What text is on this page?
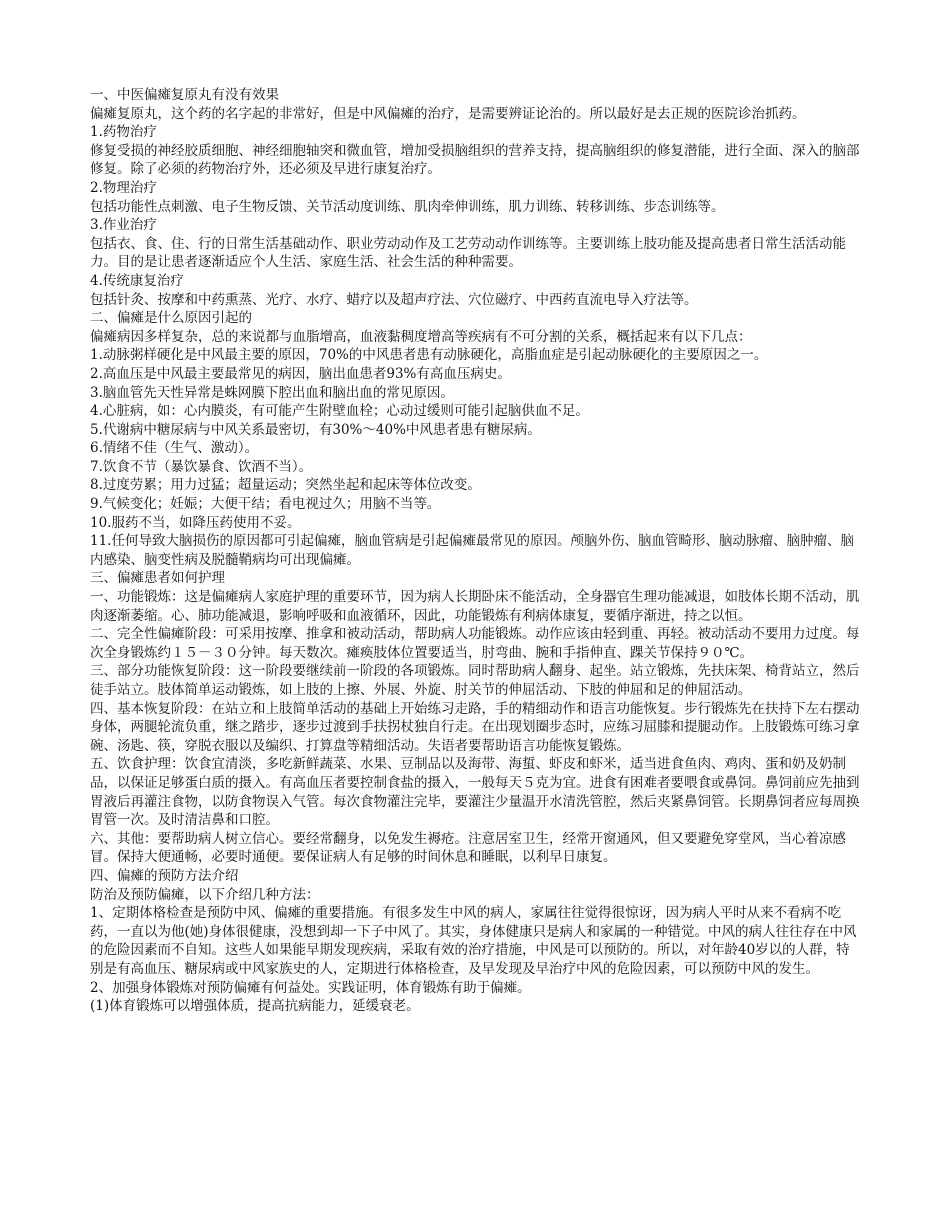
一、中医偏瘫复原丸有没有效果

偏瘫复原丸，这个药的名字起的非常好，但是中风偏瘫的治疗，是需要辨证论治的。所以最好是去正规的医院诊治抓药。

1.药物治疗

修复受损的神经胶质细胞、神经细胞轴突和微血管，增加受损脑组织的营养支持，提高脑组织的修复潜能，进行全面、深入的脑部修复。除了必须的药物治疗外，还必须及早进行康复治疗。

2.物理治疗

包括功能性点刺激、电子生物反馈、关节活动度训练、肌肉牵伸训练，肌力训练、转移训练、步态训练等。

3.作业治疗

包括衣、食、住、行的日常生活基础动作、职业劳动动作及工艺劳动动作训练等。主要训练上肢功能及提高患者日常生活活动能力。目的是让患者逐渐适应个人生活、家庭生活、社会生活的种种需要。

4.传统康复治疗

包括针灸、按摩和中药熏蒸、光疗、水疗、蜡疗以及超声疗法、穴位磁疗、中西药直流电导入疗法等。

二、偏瘫是什么原因引起的

偏瘫病因多样复杂，总的来说都与血脂增高，血液黏稠度增高等疾病有不可分割的关系，概括起来有以下几点：

1.动脉粥样硬化是中风最主要的原因，70%的中风患者患有动脉硬化，高脂血症是引起动脉硬化的主要原因之一。

2.高血压是中风最主要最常见的病因，脑出血患者93%有高血压病史。

3.脑血管先天性异常是蛛网膜下腔出血和脑出血的常见原因。

4.心脏病，如：心内膜炎，有可能产生附壁血栓；心动过缓则可能引起脑供血不足。

5.代谢病中糖尿病与中风关系最密切，有30%～40%中风患者患有糖尿病。

6.情绪不佳（生气、激动）。

7.饮食不节（暴饮暴食、饮酒不当）。

8.过度劳累；用力过猛；超量运动；突然坐起和起床等体位改变。

9.气候变化；妊娠；大便干结；看电视过久；用脑不当等。

10.服药不当，如降压药使用不妥。

11.任何导致大脑损伤的原因都可引起偏瘫，脑血管病是引起偏瘫最常见的原因。颅脑外伤、脑血管畸形、脑动脉瘤、脑肿瘤、脑内感染、脑变性病及脱髓鞘病均可出现偏瘫。

三、偏瘫患者如何护理

一、功能锻炼：这是偏瘫病人家庭护理的重要环节，因为病人长期卧床不能活动，全身器官生理功能减退，如肢体长期不活动，肌肉逐渐萎缩。心、肺功能减退，影响呼吸和血液循环，因此，功能锻炼有利病体康复，要循序渐进，持之以恒。

二、完全性偏瘫阶段：可采用按摩、推拿和被动活动，帮助病人功能锻炼。动作应该由轻到重、再轻。被动活动不要用力过度。每次全身锻炼约１５－３０分钟。每天数次。瘫痪肢体位置要适当，肘弯曲、腕和手指伸直、踝关节保持９０℃。

三、部分功能恢复阶段：这一阶段要继续前一阶段的各项锻炼。同时帮助病人翻身、起坐。站立锻炼，先扶床架、椅背站立，然后徒手站立。肢体简单运动锻炼，如上肢的上擦、外展、外旋、肘关节的伸屈活动、下肢的伸屈和足的伸屈活动。

四、基本恢复阶段：在站立和上肢简单活动的基础上开始练习走路，手的精细动作和语言功能恢复。步行锻炼先在扶持下左右摆动身体，两腿轮流负重，继之踏步，逐步过渡到手扶拐杖独自行走。在出现划圈步态时，应练习屈膝和提腿动作。上肢锻炼可练习拿碗、汤匙、筷，穿脱衣服以及编织、打算盘等精细活动。失语者要帮助语言功能恢复锻炼。

五、饮食护理：饮食宜清淡，多吃新鲜蔬菜、水果、豆制品以及海带、海蜇、虾皮和虾米，适当进食鱼肉、鸡肉、蛋和奶及奶制品，以保证足够蛋白质的摄入。有高血压者要控制食盐的摄入，一般每天５克为宜。进食有困难者要喂食或鼻饲。鼻饲前应先抽到胃液后再灌注食物，以防食物误入气管。每次食物灌注完毕，要灌注少量温开水清洗管腔，然后夹紧鼻饲管。长期鼻饲者应每周换胃管一次。及时清洁鼻和口腔。

六、其他：要帮助病人树立信心。要经常翻身，以免发生褥疮。注意居室卫生，经常开窗通风，但又要避免穿堂风，当心着凉感冒。保持大便通畅，必要时通便。要保证病人有足够的时间休息和睡眠，以利早日康复。

四、偏瘫的预防方法介绍

防治及预防偏瘫，以下介绍几种方法：

1、定期体格检查是预防中风、偏瘫的重要措施。有很多发生中风的病人，家属往往觉得很惊讶，因为病人平时从来不看病不吃药，一直以为他(她)身体很健康，没想到却一下子中风了。其实，身体健康只是病人和家属的一种错觉。中风的病人往往存在中风的危险因素而不自知。这些人如果能早期发现疾病，采取有效的治疗措施，中风是可以预防的。所以，对年龄40岁以的人群，特别是有高血压、糖尿病或中风家族史的人，定期进行体格检查，及早发现及早治疗中风的危险因素，可以预防中风的发生。

2、加强身体锻炼对预防偏瘫有何益处。实践证明，体育锻炼有助于偏瘫。

(1)体育锻炼可以增强体质，提高抗病能力，延缓衰老。
